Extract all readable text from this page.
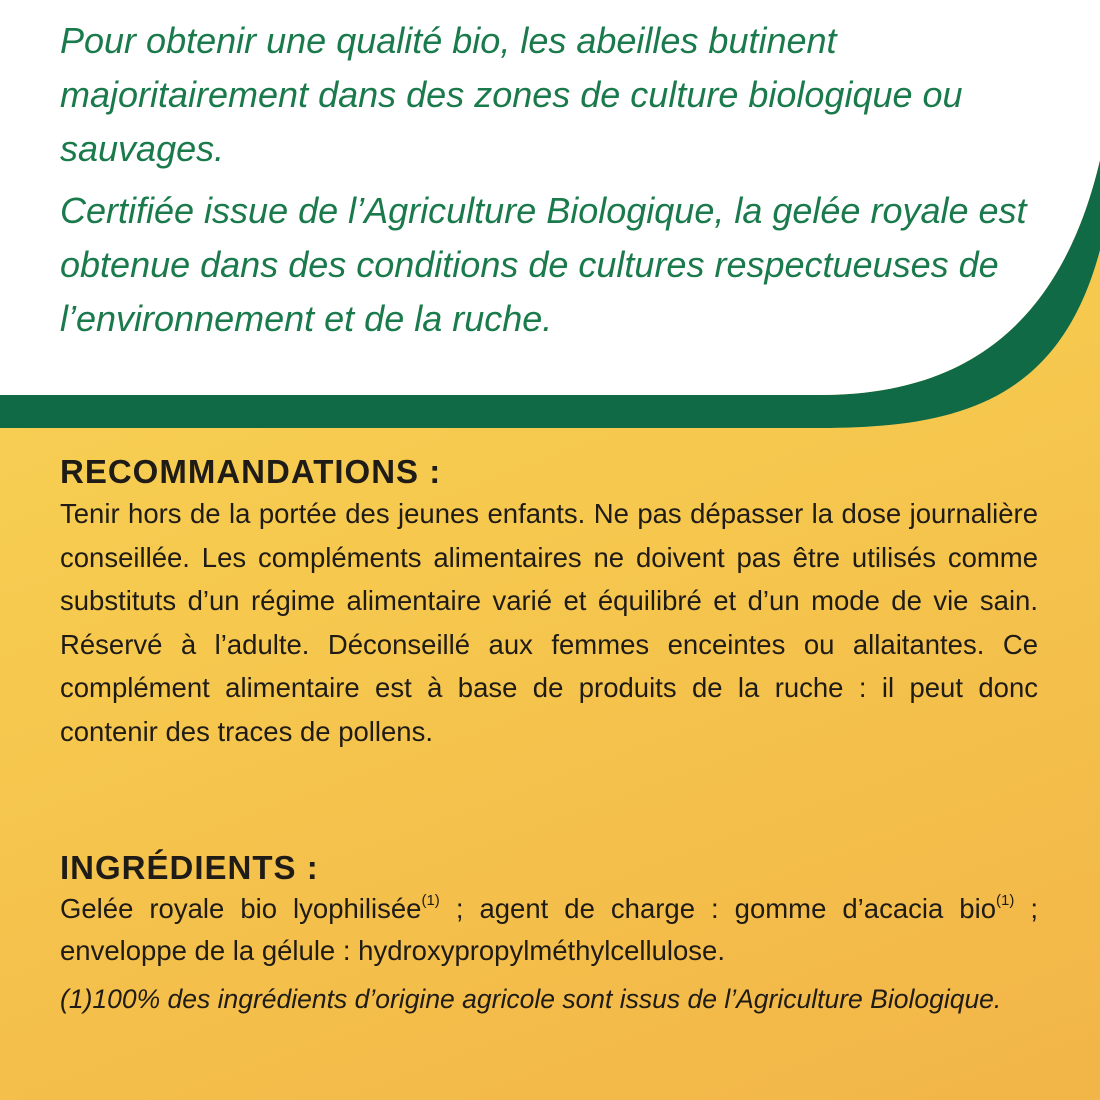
Pour obtenir une qualité bio, les abeilles butinent majoritairement dans des zones de culture biologique ou sauvages.

Certifiée issue de l’Agriculture Biologique, la gelée royale est obtenue dans des conditions de cultures respectueuses de l’environnement et de la ruche.

RECOMMANDATIONS :

Tenir hors de la portée des jeunes enfants. Ne pas dépasser la dose journalière conseillée. Les compléments alimentaires ne doivent pas être utilisés comme substituts d’un régime alimentaire varié et équilibré et d’un mode de vie sain. Réservé à l’adulte. Déconseillé aux femmes enceintes ou allaitantes. Ce complément alimentaire est à base de produits de la ruche : il peut donc contenir des traces de pollens.

INGRÉDIENTS :

Gelée royale bio lyophilisée$^{(1)}$ ; agent de charge : gomme d’acacia bio$^{(1)}$ ; enveloppe de la gélule : hydroxypropylméthylcellulose.

(1)100% des ingrédients d’origine agricole sont issus de l’Agriculture Biologique.
